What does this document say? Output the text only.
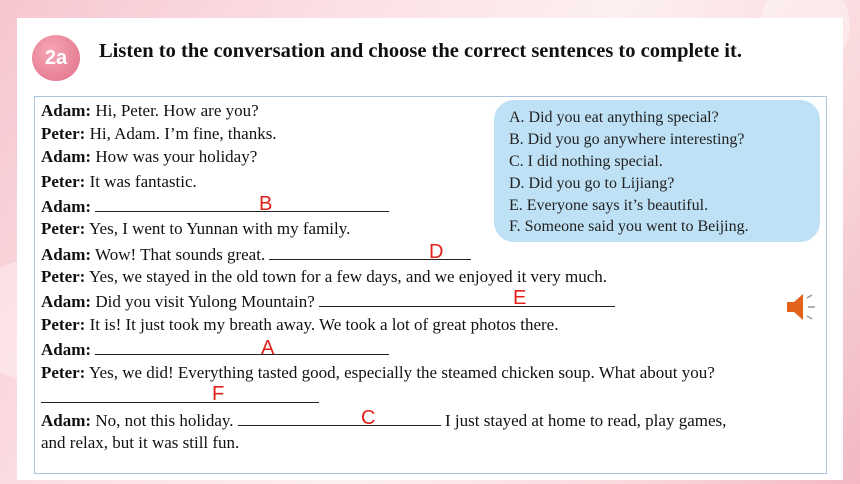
2a	Listen to the conversation and choose the correct sentences to complete it.
Adam: Hi, Peter. How are you?
Peter: Hi, Adam. I’m fine, thanks.
Adam: How was your holiday?
Peter: It was fantastic.
Adam:	B
Peter: Yes, I went to Yunnan with my family.
Adam: Wow! That sounds great.	D
Peter: Yes, we stayed in the old town for a few days, and we enjoyed it very much.
Adam: Did you visit Yulong Mountain?	E
Peter: It is! It just took my breath away. We took a lot of great photos there.
Adam:	A
Peter: Yes, we did! Everything tasted good, especially the steamed chicken soup. What about you?
F
Adam: No, not this holiday.	I just stayed at home to read, play games,
C
and relax, but it was still fun.
A. Did you eat anything special?
B. Did you go anywhere interesting?
C. I did nothing special.
D. Did you go to Lijiang?
E. Everyone says it’s beautiful.
F. Someone said you went to Beijing.
